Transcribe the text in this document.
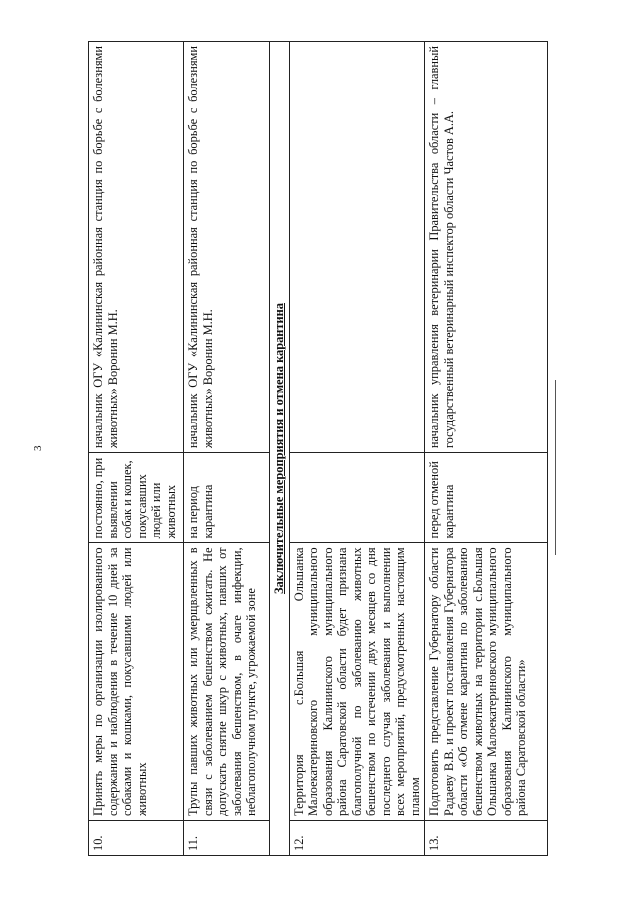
3
10.	Принять меры по организации изолированного содержания и наблюдения в течение 10 дней за собаками и кошками, покусавшими людей или животных	постоянно, при выявлении собак и кошек, покусавших людей или животных	начальник ОГУ «Калининская районная станция по борьбе с болезнями животных» Воронин М.Н.
11.	Трупы павших животных или умерщвленных в связи с заболеванием бешенством сжигать. Не допускать снятие шкур с животных, павших от заболевания бешенством, в очаге инфекции, неблагополучном пункте, угрожаемой зоне	на период карантина	начальник ОГУ «Калининская районная станция по борьбе с болезнями животных» Воронин М.Н.
Заключительные мероприятия и отмена карантина			
12.	Территория с.Большая Ольшанка Малоекатериновского муниципального образования Калининского муниципального района Саратовской области будет признана благополучной по заболеванию животных бешенством по истечении двух месяцев со дня последнего случая заболевания и выполнении всех мероприятий, предусмотренных настоящим планом		
13.	Подготовить представление Губернатору области Радаеву В.В. и проект постановления Губернатора области «Об отмене карантина по заболеванию бешенством животных на территории с.Большая Ольшанка Малоекатериновского муниципального образования Калининского муниципального района Саратовской области»	перед отменой карантина	начальник управления ветеринарии Правительства области – главный государственный ветеринарный инспектор области Частов А.А.
